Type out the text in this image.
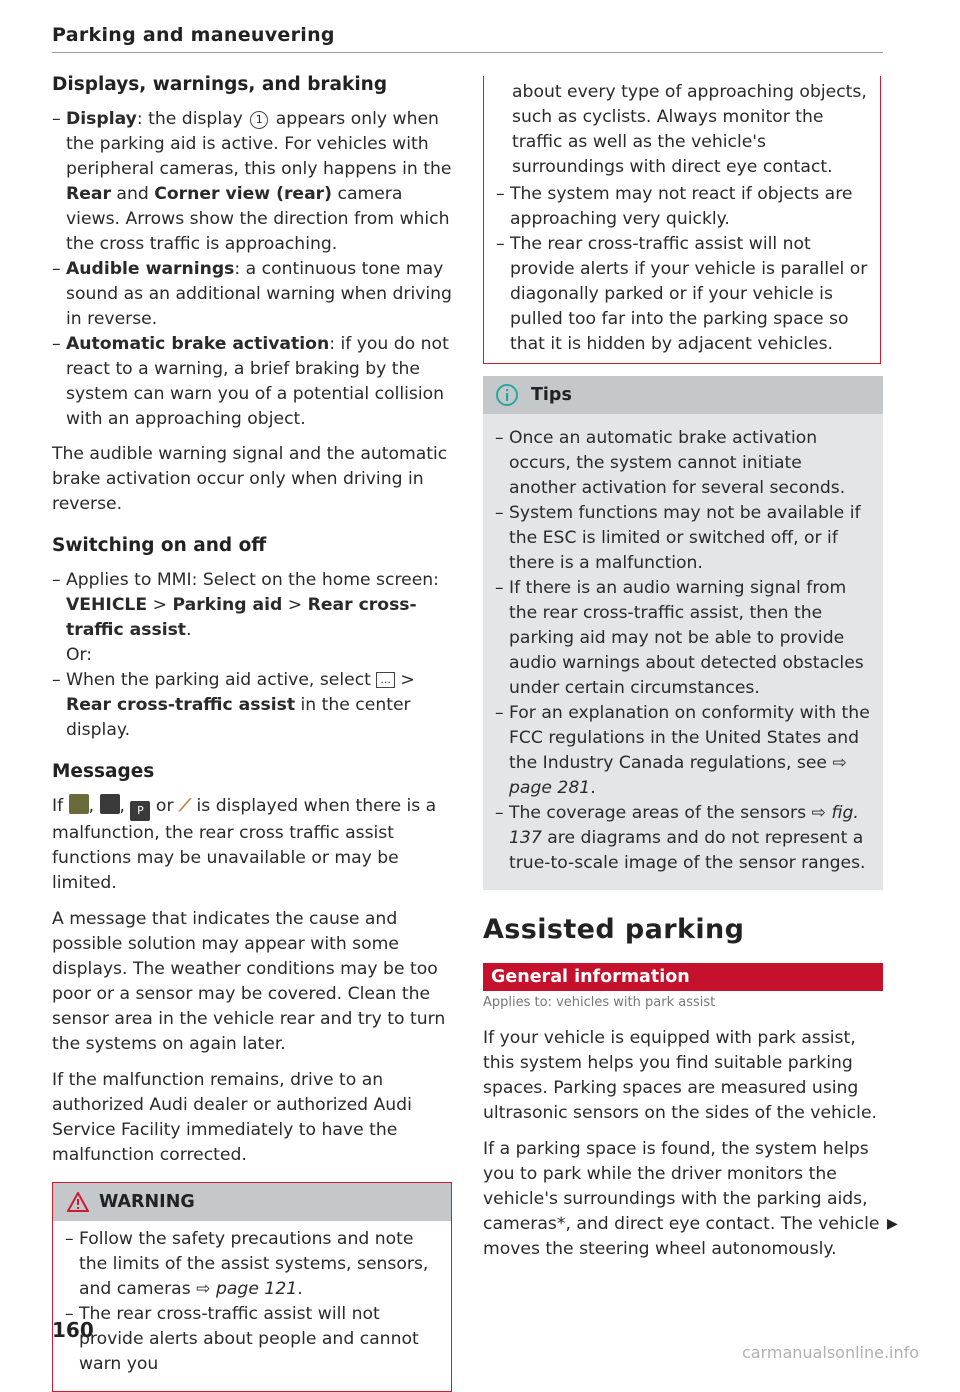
Parking and maneuvering
Displays, warnings, and braking
– Display: the display 1 appears only when the parking aid is active. For vehicles with peripheral cameras, this only happens in the Rear and Corner view (rear) camera views. Arrows show the direction from which the cross traffic is approaching.
– Audible warnings: a continuous tone may sound as an additional warning when driving in reverse.
– Automatic brake activation: if you do not react to a warning, a brief braking by the system can warn you of a potential collision with an approaching object.

The audible warning signal and the automatic brake activation occur only when driving in reverse.

Switching on and off
– Applies to MMI: Select on the home screen: VEHICLE > Parking aid > Rear cross-traffic assist.
Or:
– When the parking aid active, select ... > Rear cross-traffic assist in the center display.
Messages

If , , P or ⟋ is displayed when there is a malfunction, the rear cross traffic assist functions may be unavailable or may be limited.

A message that indicates the cause and possible solution may appear with some displays. The weather conditions may be too poor or a sensor may be covered. Clean the sensor area in the vehicle rear and try to turn the systems on again later.

If the malfunction remains, drive to an authorized Audi dealer or authorized Audi Service Facility immediately to have the malfunction corrected.

WARNING
– Follow the safety precautions and note the limits of the assist systems, sensors, and cameras ⇨ page 121.
– The rear cross-traffic assist will not provide alerts about people and cannot warn you

about every type of approaching objects, such as cyclists. Always monitor the traffic as well as the vehicle's surroundings with direct eye contact.

– The system may not react if objects are approaching very quickly.
– The rear cross-traffic assist will not provide alerts if your vehicle is parallel or diagonally parked or if your vehicle is pulled too far into the parking space so that it is hidden by adjacent vehicles.
Tips
– Once an automatic brake activation occurs, the system cannot initiate another activation for several seconds.
– System functions may not be available if the ESC is limited or switched off, or if there is a malfunction.
– If there is an audio warning signal from the rear cross-traffic assist, then the parking aid may not be able to provide audio warnings about detected obstacles under certain circumstances.
– For an explanation on conformity with the FCC regulations in the United States and the Industry Canada regulations, see ⇨ page 281.
– The coverage areas of the sensors ⇨ fig. 137 are diagrams and do not represent a true-to-scale image of the sensor ranges.
Assisted parking
General information
Applies to: vehicles with park assist

If your vehicle is equipped with park assist, this system helps you find suitable parking spaces. Parking spaces are measured using ultrasonic sensors on the sides of the vehicle.

If a parking space is found, the system helps you to park while the driver monitors the vehicle's surroundings with the parking aids, cameras*, and direct eye contact. The vehicle moves the steering wheel autonomously.

▶
160
carmanualsonline.info
